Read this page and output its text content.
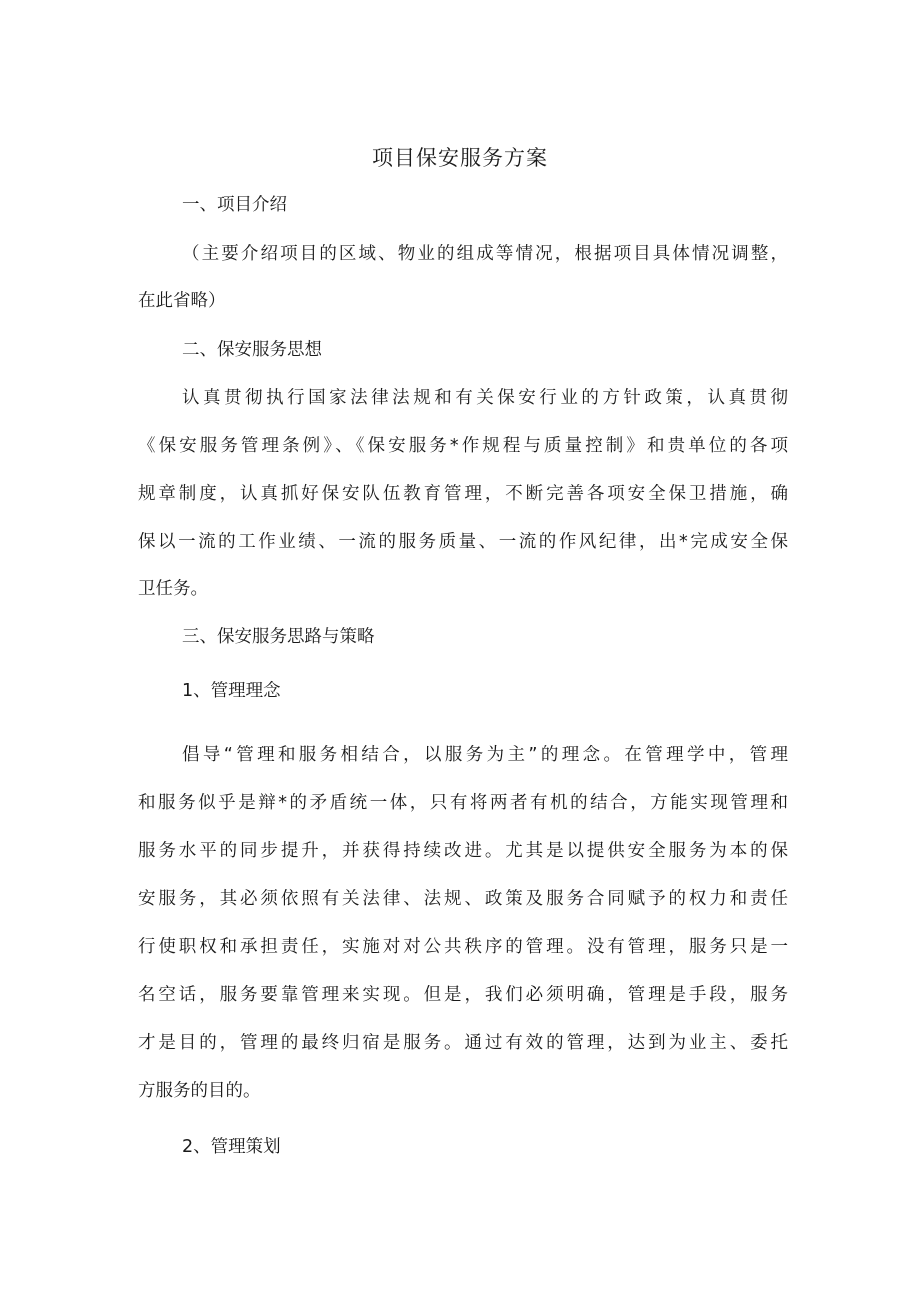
项目保安服务方案
一、项目介绍
（主要介绍项目的区域、物业的组成等情况，根据项目具体情况调整，
在此省略）
二、保安服务思想
认真贯彻执行国家法律法规和有关保安行业的方针政策，认真贯彻
《保安服务管理条例》、《保安服务*作规程与质量控制》和贵单位的各项
规章制度，认真抓好保安队伍教育管理，不断完善各项安全保卫措施，确
保以一流的工作业绩、一流的服务质量、一流的作风纪律，出*完成安全保
卫任务。
三、保安服务思路与策略
1、管理理念
倡导“管理和服务相结合，以服务为主”的理念。在管理学中，管理
和服务似乎是辩*的矛盾统一体，只有将两者有机的结合，方能实现管理和
服务水平的同步提升，并获得持续改进。尤其是以提供安全服务为本的保
安服务，其必须依照有关法律、法规、政策及服务合同赋予的权力和责任
行使职权和承担责任，实施对对公共秩序的管理。没有管理，服务只是一
名空话，服务要靠管理来实现。但是，我们必须明确，管理是手段，服务
才是目的，管理的最终归宿是服务。通过有效的管理，达到为业主、委托
方服务的目的。
2、管理策划
